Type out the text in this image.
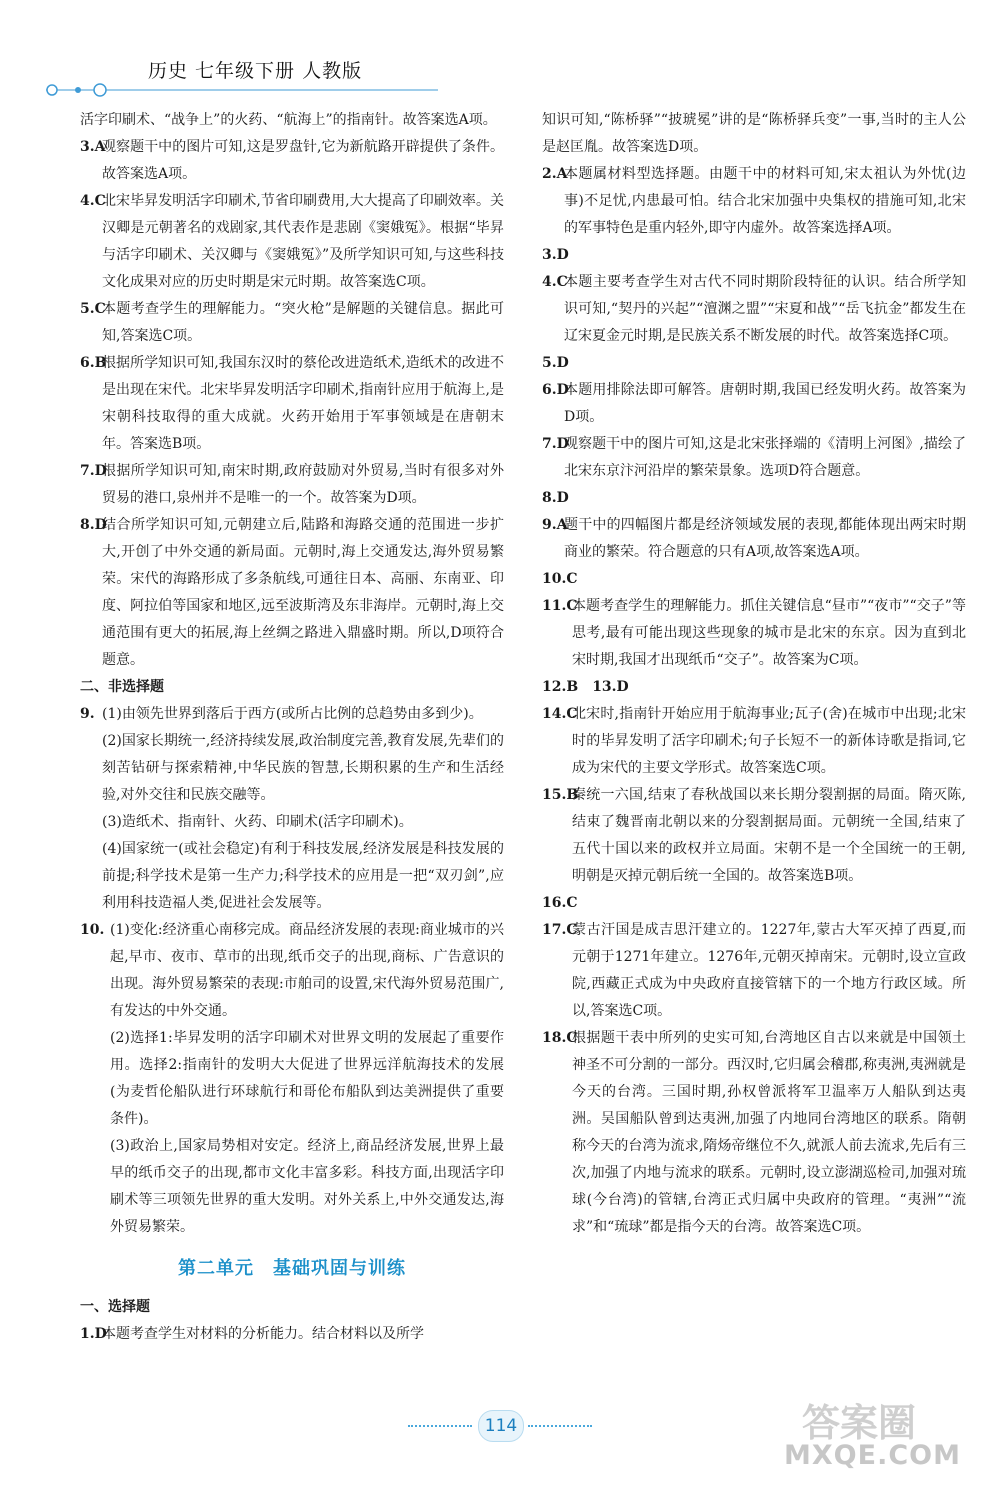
历史 七年级下册 人教版
活字印刷术、“战争上”的火药、“航海上”的指南针。故答案选A项。
3.A
观察题干中的图片可知,这是罗盘针,它为新航路开辟提供了条件。故答案选A项。
4.C
北宋毕昇发明活字印刷术,节省印刷费用,大大提高了印刷效率。关汉卿是元朝著名的戏剧家,其代表作是悲剧《窦娥冤》。根据“毕昇与活字印刷术、关汉卿与《窦娥冤》”及所学知识可知,与这些科技文化成果对应的历史时期是宋元时期。故答案选C项。
5.C
本题考查学生的理解能力。“突火枪”是解题的关键信息。据此可知,答案选C项。
6.B
根据所学知识可知,我国东汉时的蔡伦改进造纸术,造纸术的改进不是出现在宋代。北宋毕昇发明活字印刷术,指南针应用于航海上,是宋朝科技取得的重大成就。火药开始用于军事领域是在唐朝末年。答案选B项。
7.D
根据所学知识可知,南宋时期,政府鼓励对外贸易,当时有很多对外贸易的港口,泉州并不是唯一的一个。故答案为D项。
8.D
结合所学知识可知,元朝建立后,陆路和海路交通的范围进一步扩大,开创了中外交通的新局面。元朝时,海上交通发达,海外贸易繁荣。宋代的海路形成了多条航线,可通往日本、高丽、东南亚、印度、阿拉伯等国家和地区,远至波斯湾及东非海岸。元朝时,海上交通范围有更大的拓展,海上丝绸之路进入鼎盛时期。所以,D项符合题意。
二、非选择题
9. (1)由领先世界到落后于西方(或所占比例的总趋势由多到少)。
(2)国家长期统一,经济持续发展,政治制度完善,教育发展,先辈们的刻苦钻研与探索精神,中华民族的智慧,长期积累的生产和生活经验,对外交往和民族交融等。
(3)造纸术、指南针、火药、印刷术(活字印刷术)。
(4)国家统一(或社会稳定)有利于科技发展,经济发展是科技发展的前提;科学技术是第一生产力;科学技术的应用是一把“双刃剑”,应利用科技造福人类,促进社会发展等。
10. (1)变化:经济重心南移完成。商品经济发展的表现:商业城市的兴起,早市、夜市、草市的出现,纸币交子的出现,商标、广告意识的出现。海外贸易繁荣的表现:市舶司的设置,宋代海外贸易范围广,有发达的中外交通。
(2)选择1:毕昇发明的活字印刷术对世界文明的发展起了重要作用。选择2:指南针的发明大大促进了世界远洋航海技术的发展(为麦哲伦船队进行环球航行和哥伦布船队到达美洲提供了重要条件)。
(3)政治上,国家局势相对安定。经济上,商品经济发展,世界上最早的纸币交子的出现,都市文化丰富多彩。科技方面,出现活字印刷术等三项领先世界的重大发明。对外关系上,中外交通发达,海外贸易繁荣。
第二单元　基础巩固与训练
一、选择题
1.D
本题考查学生对材料的分析能力。结合材料以及所学
知识可知,“陈桥驿”“披琥冕”讲的是“陈桥驿兵变”一事,当时的主人公是赵匡胤。故答案选D项。
2.A
本题属材料型选择题。由题干中的材料可知,宋太祖认为外忧(边事)不足忧,内患最可怕。结合北宋加强中央集权的措施可知,北宋的军事特色是重内轻外,即守内虚外。故答案选择A项。
3.D
4.C
本题主要考查学生对古代不同时期阶段特征的认识。结合所学知识可知,“契丹的兴起”“澶渊之盟”“宋夏和战”“岳飞抗金”都发生在辽宋夏金元时期,是民族关系不断发展的时代。故答案选择C项。
5.D
6.D
本题用排除法即可解答。唐朝时期,我国已经发明火药。故答案为D项。
7.D
观察题干中的图片可知,这是北宋张择端的《清明上河图》,描绘了北宋东京汴河沿岸的繁荣景象。选项D符合题意。
8.D
9.A
题干中的四幅图片都是经济领域发展的表现,都能体现出两宋时期商业的繁荣。符合题意的只有A项,故答案选A项。
10.C
11.C
本题考查学生的理解能力。抓住关键信息“昼市”“夜市”“交子”等思考,最有可能出现这些现象的城市是北宋的东京。因为直到北宋时期,我国才出现纸币“交子”。故答案为C项。
12.B　13.D
14.C
北宋时,指南针开始应用于航海事业;瓦子(舍)在城市中出现;北宋时的毕昇发明了活字印刷术;句子长短不一的新体诗歌是指词,它成为宋代的主要文学形式。故答案选C项。
15.B
秦统一六国,结束了春秋战国以来长期分裂割据的局面。隋灭陈,结束了魏晋南北朝以来的分裂割据局面。元朝统一全国,结束了五代十国以来的政权并立局面。宋朝不是一个全国统一的王朝,明朝是灭掉元朝后统一全国的。故答案选B项。
16.C
17.C
蒙古汗国是成吉思汗建立的。1227年,蒙古大军灭掉了西夏,而元朝于1271年建立。1276年,元朝灭掉南宋。元朝时,设立宣政院,西藏正式成为中央政府直接管辖下的一个地方行政区域。所以,答案选C项。
18.C
根据题干表中所列的史实可知,台湾地区自古以来就是中国领土神圣不可分割的一部分。西汉时,它归属会稽郡,称夷洲,夷洲就是今天的台湾。三国时期,孙权曾派将军卫温率万人船队到达夷洲。吴国船队曾到达夷洲,加强了内地同台湾地区的联系。隋朝称今天的台湾为流求,隋炀帝继位不久,就派人前去流求,先后有三次,加强了内地与流求的联系。元朝时,设立澎湖巡检司,加强对琉球(今台湾)的管辖,台湾正式归属中央政府的管理。“夷洲”“流求”和“琉球”都是指今天的台湾。故答案选C项。
114	答案圈
MXQE.COM
